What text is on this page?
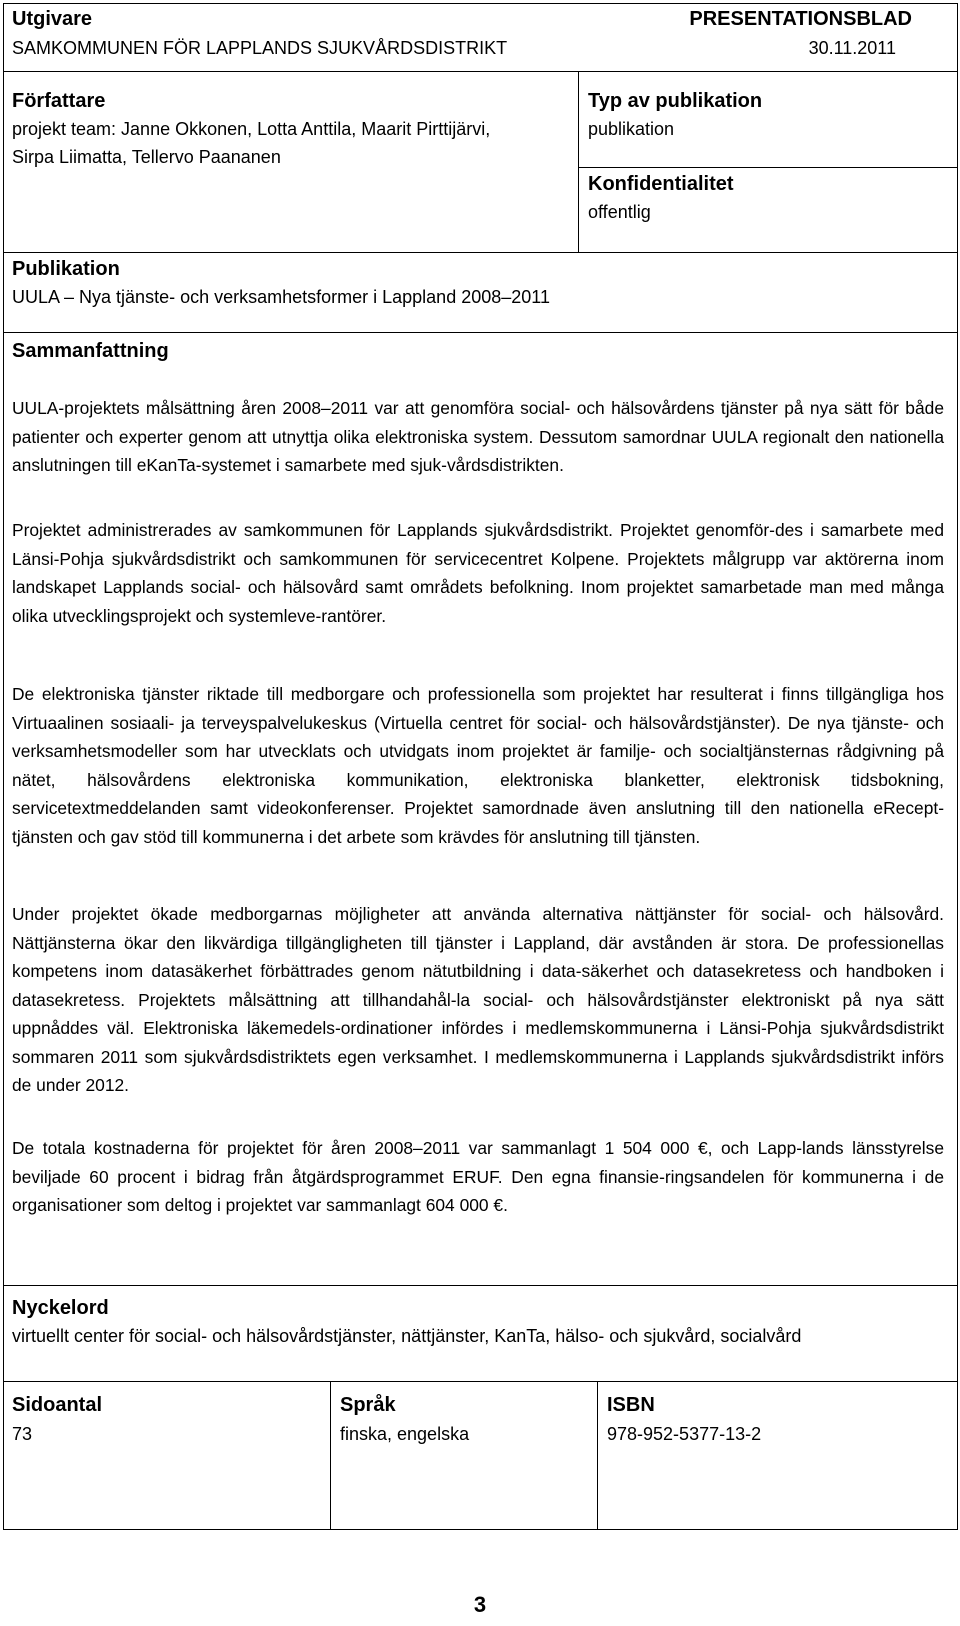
Utgivare
SAMKOMMUNEN FÖR LAPPLANDS SJUKVÅRDSDISTRIKT
PRESENTATIONSBLAD
30.11.2011
Författare
projekt team: Janne Okkonen, Lotta Anttila, Maarit Pirttijärvi,
Sirpa Liimatta, Tellervo Paananen
Typ av publikation
publikation
Konfidentialitet
offentlig
Publikation
UULA – Nya tjänste- och verksamhetsformer i Lappland 2008–2011
Sammanfattning

UULA-projektets målsättning åren 2008–2011 var att genomföra social- och hälsovårdens tjänster på nya sätt för både patienter och experter genom att utnyttja olika elektroniska system. Dessutom samordnar UULA regionalt den nationella anslutningen till eKanTa-systemet i samarbete med sjuk-vårdsdistrikten.

Projektet administrerades av samkommunen för Lapplands sjukvårdsdistrikt. Projektet genomför-des i samarbete med Länsi-Pohja sjukvårdsdistrikt och samkommunen för servicecentret Kolpene. Projektets målgrupp var aktörerna inom landskapet Lapplands social- och hälsovård samt områdets befolkning. Inom projektet samarbetade man med många olika utvecklingsprojekt och systemleve-rantörer.

De elektroniska tjänster riktade till medborgare och professionella som projektet har resulterat i finns tillgängliga hos Virtuaalinen sosiaali- ja terveyspalvelukeskus (Virtuella centret för social- och hälsovårdstjänster). De nya tjänste- och verksamhetsmodeller som har utvecklats och utvidgats inom projektet är familje- och socialtjänsternas rådgivning på nätet, hälsovårdens elektroniska kommunikation, elektroniska blanketter, elektronisk tidsbokning, servicetextmeddelanden samt videokonferenser. Projektet samordnade även anslutning till den nationella eRecept-tjänsten och gav stöd till kommunerna i det arbete som krävdes för anslutning till tjänsten.

Under projektet ökade medborgarnas möjligheter att använda alternativa nättjänster för social- och hälsovård. Nättjänsterna ökar den likvärdiga tillgängligheten till tjänster i Lappland, där avstånden är stora. De professionellas kompetens inom datasäkerhet förbättrades genom nätutbildning i data-säkerhet och datasekretess och handboken i datasekretess. Projektets målsättning att tillhandahål-la social- och hälsovårdstjänster elektroniskt på nya sätt uppnåddes väl. Elektroniska läkemedels-ordinationer infördes i medlemskommunerna i Länsi-Pohja sjukvårdsdistrikt sommaren 2011 som sjukvårdsdistriktets egen verksamhet. I medlemskommunerna i Lapplands sjukvårdsdistrikt införs de under 2012.

De totala kostnaderna för projektet för åren 2008–2011 var sammanlagt 1 504 000 €, och Lapp-lands länsstyrelse beviljade 60 procent i bidrag från åtgärdsprogrammet ERUF. Den egna finansie-ringsandelen för kommunerna i de organisationer som deltog i projektet var sammanlagt 604 000 €.

Nyckelord
virtuellt center för social- och hälsovårdstjänster, nättjänster, KanTa, hälso- och sjukvård, socialvård
Sidoantal
73
Språk
finska, engelska
ISBN
978-952-5377-13-2
3
